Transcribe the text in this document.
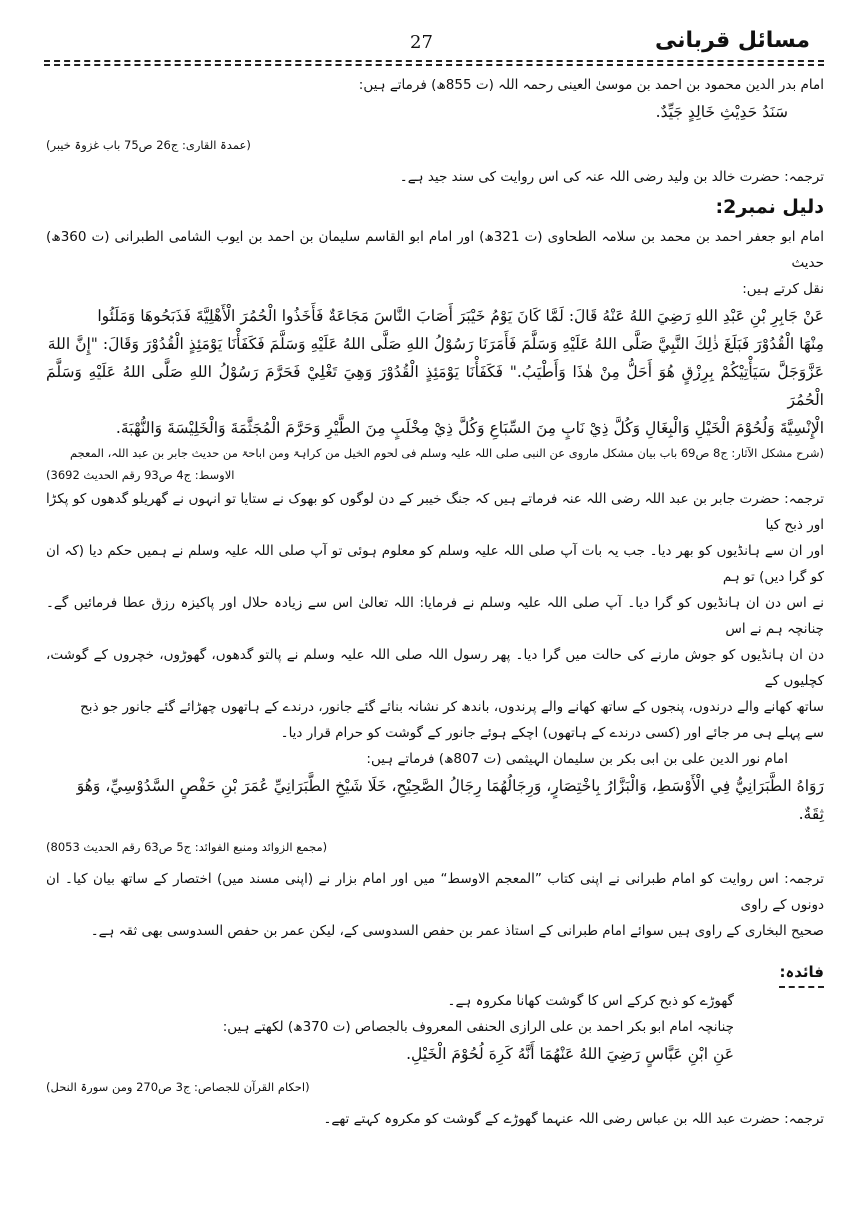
مسائل قربانی
27

امام بدر الدین محمود بن احمد بن موسیٰ العینی رحمہ اللہ (ت 855ھ) فرماتے ہیں:

سَنَدُ حَدِيْثِ خَالِدٍ جَيِّدٌ.

(عمدۃ القاری: ج26 ص75 باب غزوۃ خیبر)

ترجمہ: حضرت خالد بن ولید رضی اللہ عنہ کی اس روایت کی سند جید ہے۔

دلیل نمبر2:

امام ابو جعفر احمد بن محمد بن سلامہ الطحاوی (ت 321ھ) اور امام ابو القاسم سلیمان بن احمد بن ایوب الشامی الطبرانی (ت 360ھ) حدیث

نقل کرتے ہیں:

عَنْ جَابِرِ بْنِ عَبْدِ اللهِ رَضِيَ اللهُ عَنْهُ قَالَ: لَمَّا كَانَ يَوْمُ خَيْبَرَ أَصَابَ النَّاسَ مَجَاعَةٌ فَأَخَذُوا الْحُمُرَ الْأَهْلِيَّةَ فَذَبَحُوهَا وَمَلَئُوا

مِنْهَا الْقُدُوْرَ فَبَلَغَ ذٰلِكَ النَّبِيَّ صَلَّى اللهُ عَلَيْهِ وَسَلَّمَ فَأَمَرَنَا رَسُوْلُ اللهِ صَلَّى اللهُ عَلَيْهِ وَسَلَّمَ فَكَفَأْنَا يَوْمَئِذٍ الْقُدُوْرَ وَقَالَ: "إِنَّ اللهَ

عَزَّوَجَلَّ سَيَأْتِيْكُمْ بِرِزْقٍ هُوَ أَحَلُّ مِنْ هٰذَا وَأَطْيَبُ." فَكَفَأْنَا يَوْمَئِذٍ الْقُدُوْرَ وَهِيَ تَغْلِيْ فَحَرَّمَ رَسُوْلُ اللهِ صَلَّى اللهُ عَلَيْهِ وَسَلَّمَ الْحُمُرَ

الْإِنْسِيَّةَ وَلُحُوْمَ الْخَيْلِ وَالْبِغَالِ وَكُلَّ ذِيْ نَابٍ مِنَ السِّبَاعِ وَكُلَّ ذِيْ مِخْلَبٍ مِنَ الطَّيْرِ وَحَرَّمَ الْمُجَثَّمَةَ وَالْخَلِيْسَةَ وَالنُّهْبَةَ.

(شرح مشکل الآثار: ج8 ص69 باب بیان مشکل ماروی عن النبی صلی اللہ علیہ وسلم فی لحوم الخیل من کراہۃ ومن اباحۃ من حدیث جابر بن عبد اللہ، المعجم

الاوسط: ج4 ص93 رقم الحدیث 3692)

ترجمہ: حضرت جابر بن عبد اللہ رضی اللہ عنہ فرماتے ہیں کہ جنگ خیبر کے دن لوگوں کو بھوک نے ستایا تو انہوں نے گھریلو گدھوں کو پکڑا اور ذبح کیا

اور ان سے ہانڈیوں کو بھر دیا۔ جب یہ بات آپ صلی اللہ علیہ وسلم کو معلوم ہوئی تو آپ صلی اللہ علیہ وسلم نے ہمیں حکم دیا (کہ ان کو گرا دیں) تو ہم

نے اس دن ان ہانڈیوں کو گرا دیا۔ آپ صلی اللہ علیہ وسلم نے فرمایا: اللہ تعالیٰ اس سے زیادہ حلال اور پاکیزہ رزق عطا فرمائیں گے۔ چنانچہ ہم نے اس

دن ان ہانڈیوں کو جوش مارنے کی حالت میں گرا دیا۔ پھر رسول اللہ صلی اللہ علیہ وسلم نے پالتو گدھوں، گھوڑوں، خچروں کے گوشت، کچلیوں کے

ساتھ کھانے والے درندوں، پنجوں کے ساتھ کھانے والے پرندوں، باندھ کر نشانہ بنائے گئے جانور، درندے کے ہاتھوں چھڑائے گئے جانور جو ذبح

سے پہلے ہی مر جائے اور (کسی درندے کے ہاتھوں) اچکے ہوئے جانور کے گوشت کو حرام قرار دیا۔

امام نور الدین علی بن ابی بکر بن سلیمان الہیثمی (ت 807ھ) فرماتے ہیں:

رَوَاهُ الطَّبَرَانِيُّ فِي الْأَوْسَطِ، وَالْبَزَّارُ بِاخْتِصَارٍ، وَرِجَالُهُمَا رِجَالُ الصَّحِيْحِ، خَلَا شَيْخِ الطَّبَرَانِيِّ عُمَرَ بْنِ حَفْصٍ السَّدُوْسِيِّ، وَهُوَ

ثِقَةٌ.

(مجمع الزوائد ومنبع الفوائد: ج5 ص63 رقم الحدیث 8053)

ترجمہ: اس روایت کو امام طبرانی نے اپنی کتاب ”المعجم الاوسط“ میں اور امام بزار نے (اپنی مسند میں) اختصار کے ساتھ بیان کیا۔ ان دونوں کے راوی

صحیح البخاری کے راوی ہیں سوائے امام طبرانی کے استاذ عمر بن حفص السدوسی کے، لیکن عمر بن حفص السدوسی بھی ثقہ ہے۔

فائدہ:

گھوڑے کو ذبح کرکے اس کا گوشت کھانا مکروہ ہے۔

چنانچہ امام ابو بکر احمد بن علی الرازی الحنفی المعروف بالجصاص (ت 370ھ) لکھتے ہیں:

عَنِ ابْنِ عَبَّاسٍ رَضِيَ اللهُ عَنْهُمَا أَنَّهُ كَرِهَ لُحُوْمَ الْخَيْلِ.

(احکام القرآن للجصاص: ج3 ص270 ومن سورۃ النحل)

ترجمہ: حضرت عبد اللہ بن عباس رضی اللہ عنہما گھوڑے کے گوشت کو مکروہ کہتے تھے۔
